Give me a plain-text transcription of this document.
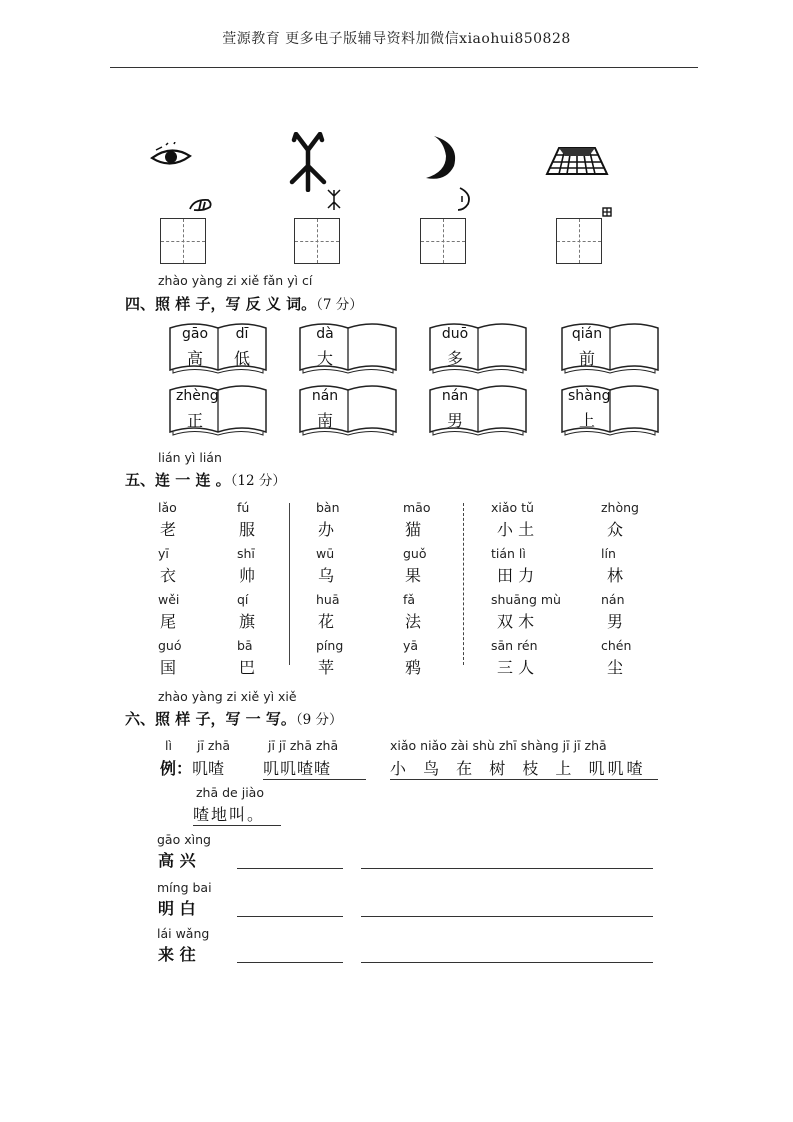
萱源教育 更多电子版辅导资料加微信xiaohui850828
zhào yàng zi xiě fǎn yì cí
四、照 样 子，写 反 义 词。（7 分）
gāo
高
dī
低
dà
大
duō
多
qián
前
zhèng
正
nán
南
nán
男
shàng
上
lián yì lián
五、连 一 连 。（12 分）
lǎo
老
fú
服
bàn
办
māo
猫
xiǎo tǔ
小 土
zhòng
众
yī
衣
shī
帅
wū
乌
guǒ
果
tián lì
田 力
lín
林
wěi
尾
qí
旗
huā
花
fǎ
法
shuāng mù
双 木
nán
男
guó
国
bā
巴
píng
苹
yā
鸦
sān rén
三 人
chén
尘
zhào yàng zi xiě yì xiě
六、照 样 子，写 一 写。（9 分）
lì
例：叽喳
jī zhā	jī jī zhā zhā
叽叽喳喳
xiǎo niǎo zài shù zhī shàng jī jī zhā
小 鸟 在 树 枝 上 叽叽喳
zhā de jiào
喳地叫。
gāo xìng
高 兴
míng bai
明 白
lái wǎng
来 往
